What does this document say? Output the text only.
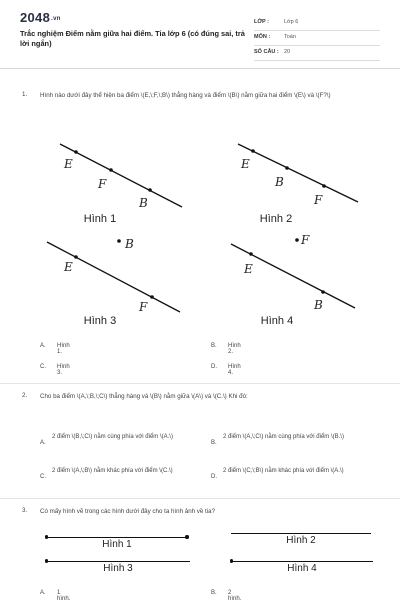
2048.vn
Trắc nghiệm Điểm nằm giữa hai điểm. Tia lớp 6 (có đúng sai, trả lời ngắn)
LỚP :	Lớp 6
MÔN :	Toán
SỐ CÂU : 20
1. Hình nào dưới đây thể hiện ba điểm \(E,\;F,\;B\) thẳng hàng và điểm \(B\) nằm giữa hai điểm \(E\) và \(F?\)
E
F
B
Hình 1
E
B
F
Hình 2
E
F
B
Hình 3
E
B
F
Hình 4
A. Hình 1.
B. Hình 2.
C. Hình 3.
D. Hình 4.
2. Cho ba điểm \(A,\;B,\;C\) thẳng hàng và \(B\) nằm giữa \(A\) và \(C.\) Khi đó:
A.
2 điểm \(B,\;C\) nằm cùng phía với điểm \(A.\)
B.
2 điểm \(A,\;C\) nằm cùng phía với điểm \(B.\)
C.
2 điểm \(A,\;B\) nằm khác phía với điểm \(C.\)
D.
2 điểm \(C,\;B\) nằm khác phía với điểm \(A.\)
3. Có mấy hình vẽ trong các hình dưới đây cho ta hình ảnh về tia?
Hình 1	Hình 2
Hình 3	Hình 4
A. 1 hình.
B. 2 hình.
